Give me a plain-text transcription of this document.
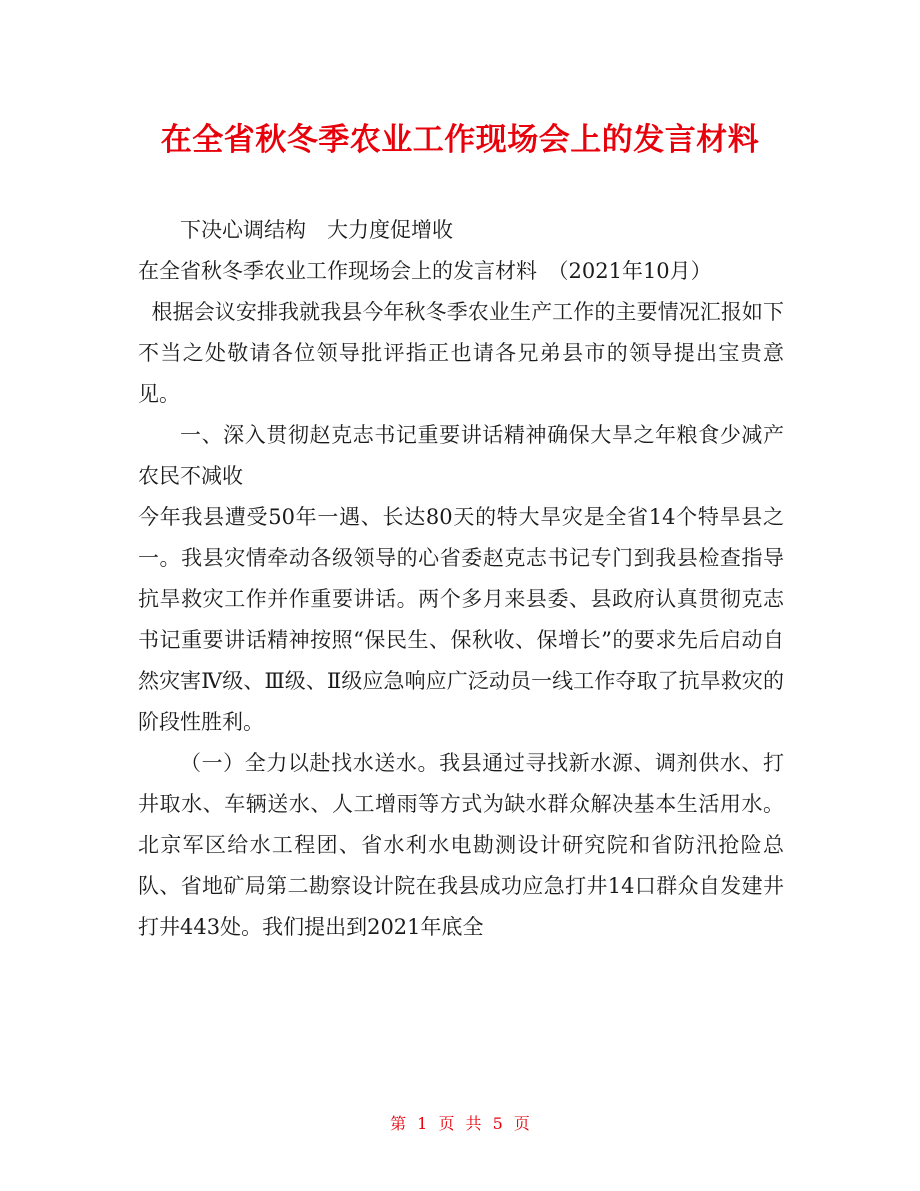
在全省秋冬季农业工作现场会上的发言材料

下决心调结构　大力度促增收

在全省秋冬季农业工作现场会上的发言材料　（2021年10月）

根据会议安排我就我县今年秋冬季农业生产工作的主要情况汇报如下不当之处敬请各位领导批评指正也请各兄弟县市的领导提出宝贵意见。

一、深入贯彻赵克志书记重要讲话精神确保大旱之年粮食少减产农民不减收

今年我县遭受50年一遇、长达80天的特大旱灾是全省14个特旱县之一。我县灾情牵动各级领导的心省委赵克志书记专门到我县检查指导抗旱救灾工作并作重要讲话。两个多月来县委、县政府认真贯彻克志书记重要讲话精神按照“保民生、保秋收、保增长”的要求先后启动自然灾害Ⅳ级、Ⅲ级、Ⅱ级应急响应广泛动员一线工作夺取了抗旱救灾的阶段性胜利。

（一）全力以赴找水送水。我县通过寻找新水源、调剂供水、打井取水、车辆送水、人工增雨等方式为缺水群众解决基本生活用水。北京军区给水工程团、省水利水电勘测设计研究院和省防汛抢险总队、省地矿局第二勘察设计院在我县成功应急打井14口群众自发建井打井443处。我们提出到2021年底全

第 1 页 共 5 页
